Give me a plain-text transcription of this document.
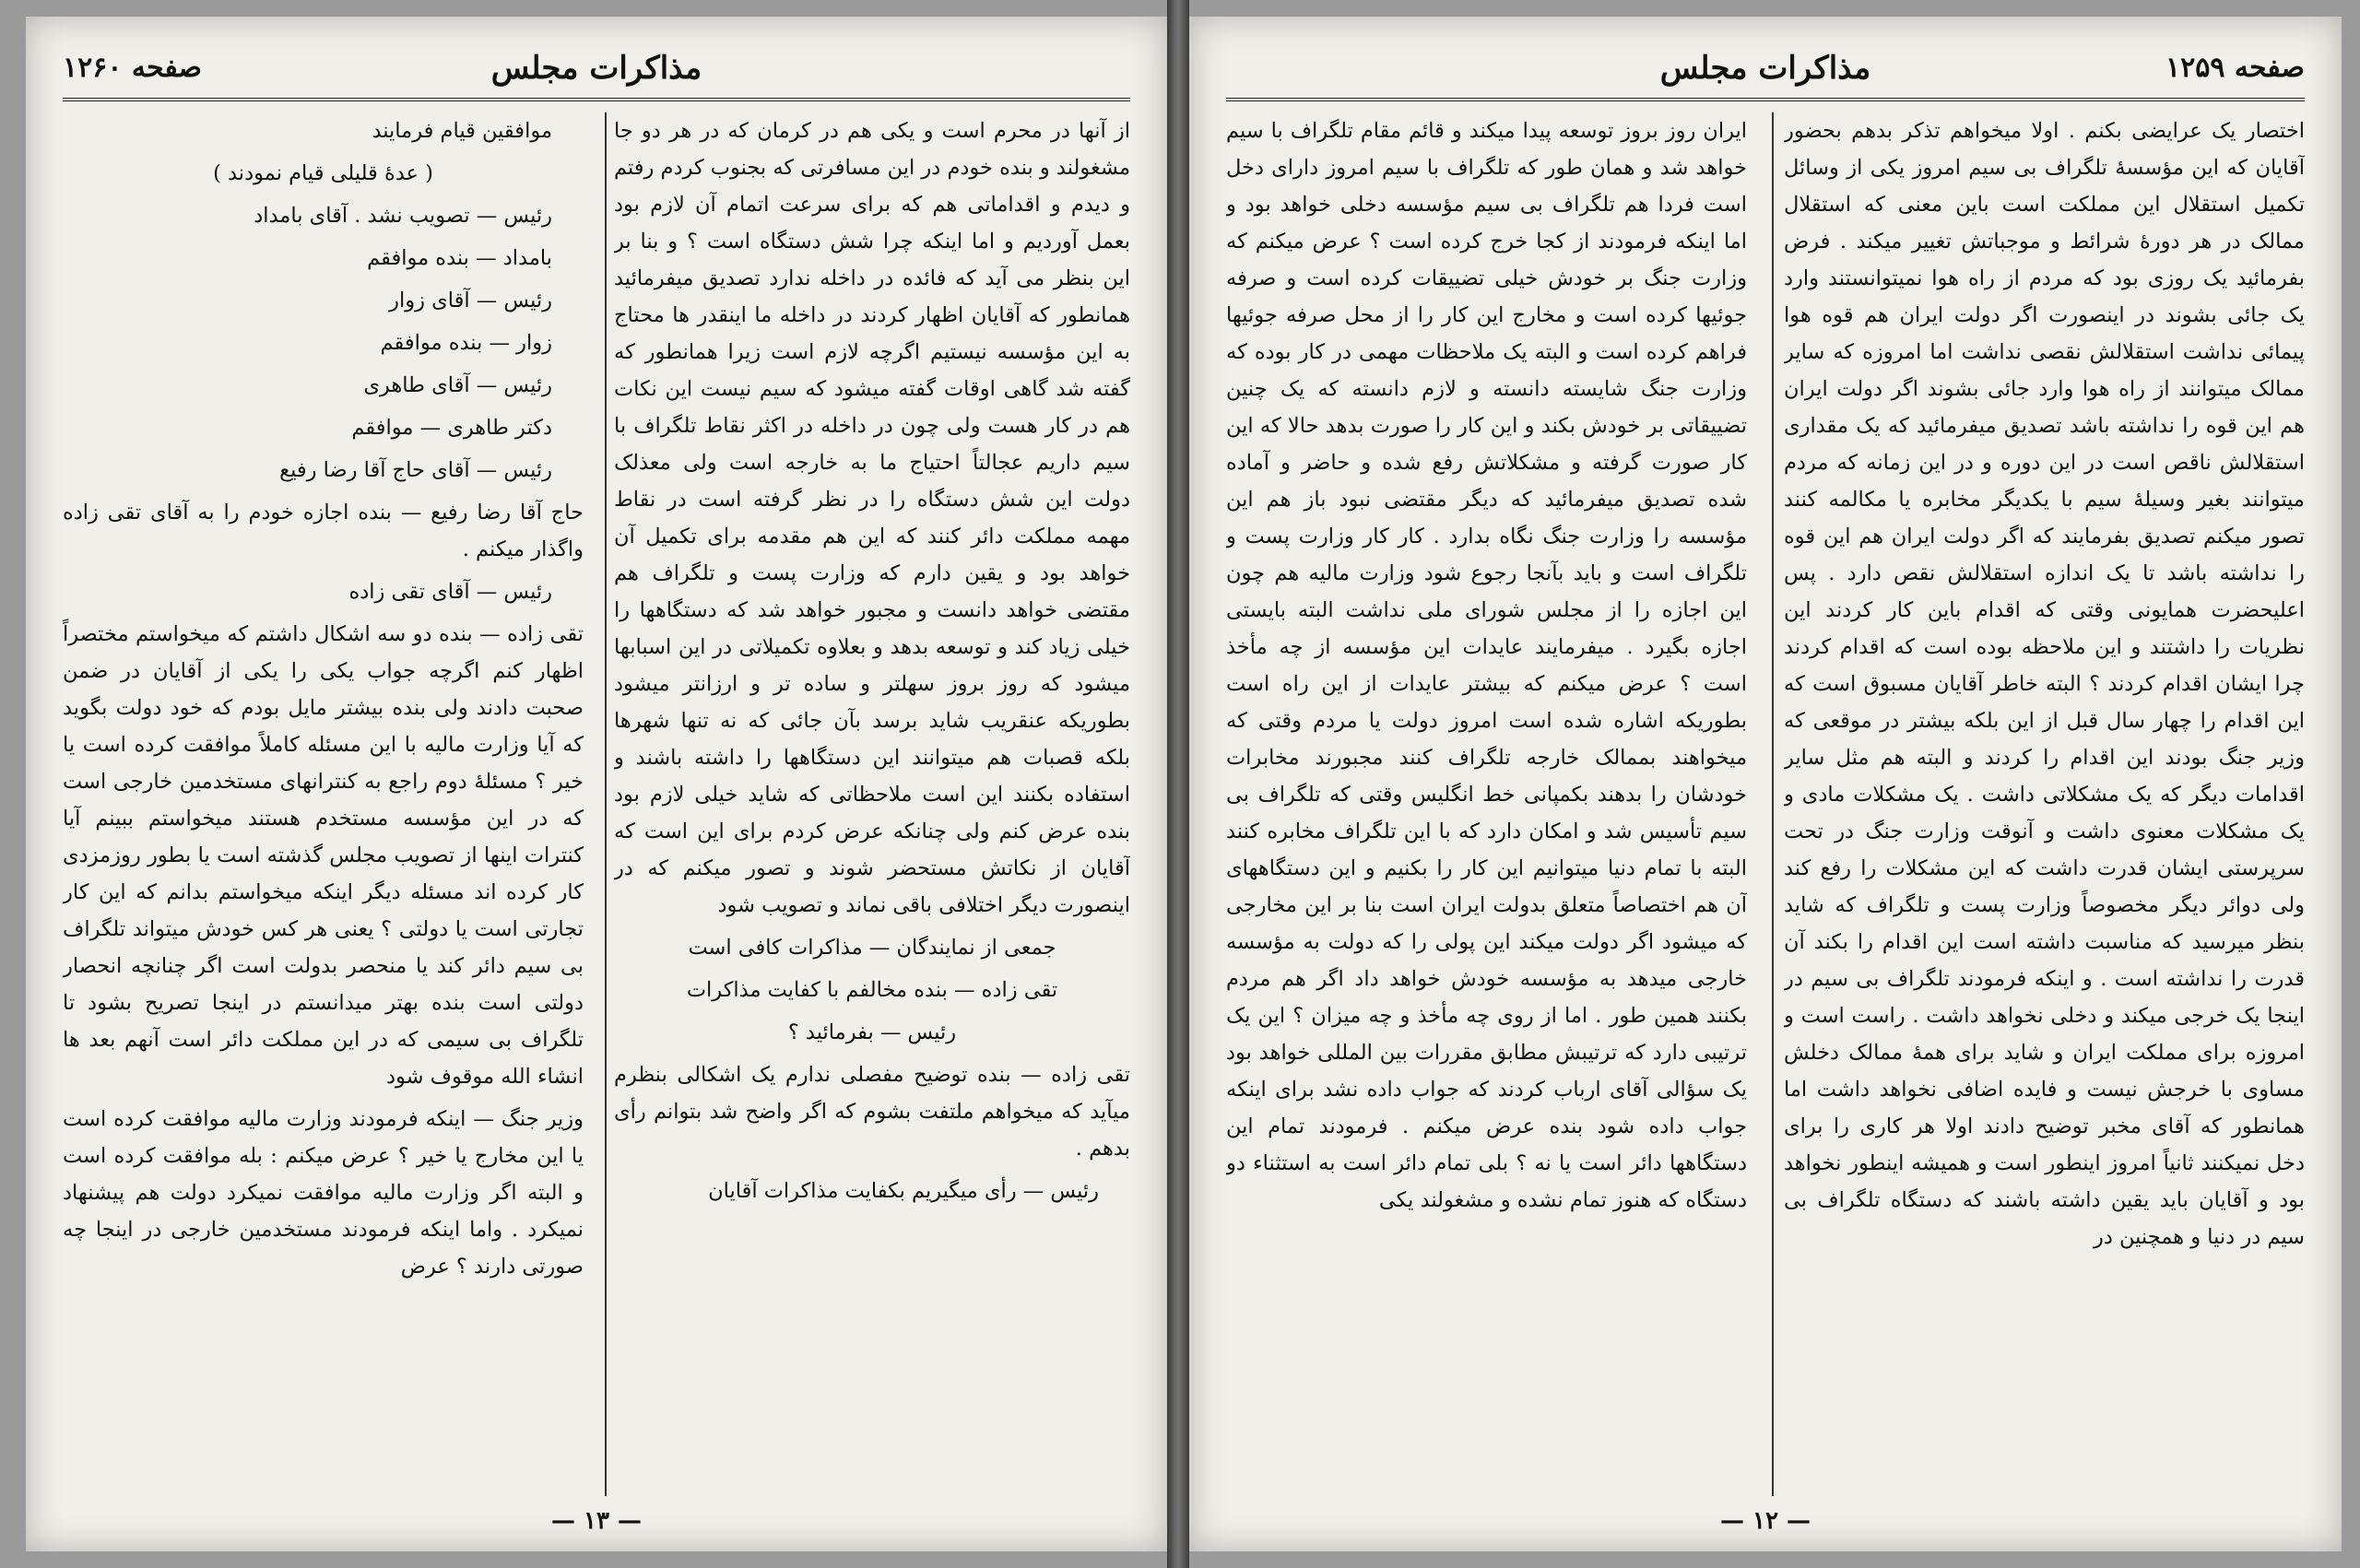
صفحه ۱۲۶۰	مذاکرات مجلس

از آنها در محرم است و یکی هم در کرمان که در هر دو جا مشغولند و بنده خودم در این مسافرتی که بجنوب کردم رفتم و دیدم و اقداماتی هم که برای سرعت اتمام آن لازم بود بعمل آوردیم و اما اینکه چرا شش دستگاه است ؟ و بنا بر این بنظر می آید که فائده در داخله ندارد تصدیق میفرمائید همانطور که آقایان اظهار کردند در داخله ما اینقدر ها محتاج به این مؤسسه نیستیم اگرچه لازم است زیرا همانطور که گفته شد گاهی اوقات گفته میشود که سیم نیست این نکات هم در کار هست ولی چون در داخله در اکثر نقاط تلگراف با سیم داریم عجالتاً احتیاج ما به خارجه است ولی معذلک دولت این شش دستگاه را در نظر گرفته است در نقاط مهمه مملکت دائر کنند که این هم مقدمه برای تکمیل آن خواهد بود و یقین دارم که وزارت پست و تلگراف هم مقتضی خواهد دانست و مجبور خواهد شد که دستگاهها را خیلی زیاد کند و توسعه بدهد و بعلاوه تکمیلاتی در این اسبابها میشود که روز بروز سهلتر و ساده تر و ارزانتر میشود بطوریکه عنقریب شاید برسد بآن جائی که نه تنها شهرها بلکه قصبات هم میتوانند این دستگاهها را داشته باشند و استفاده بکنند این است ملاحظاتی که شاید خیلی لازم بود بنده عرض کنم ولی چنانکه عرض کردم برای این است که آقایان از نکاتش مستحضر شوند و تصور میکنم که در اینصورت دیگر اختلافی باقی نماند و تصویب شود

جمعی از نمایندگان — مذاکرات کافی است

تقی زاده — بنده مخالفم با کفایت مذاکرات

رئیس — بفرمائید ؟

تقی زاده — بنده توضیح مفصلی ندارم یک اشکالی بنظرم میآید که میخواهم ملتفت بشوم که اگر واضح شد بتوانم رأی بدهم .

رئیس — رأی میگیریم بکفایت مذاکرات آقایان

موافقین قیام فرمایند

( عدۀ قلیلی قیام نمودند )

رئیس — تصویب نشد . آقای بامداد

بامداد — بنده موافقم

رئیس — آقای زوار

زوار — بنده موافقم

رئیس — آقای طاهری

دکتر طاهری — موافقم

رئیس — آقای حاج آقا رضا رفیع

حاج آقا رضا رفیع — بنده اجازه خودم را به آقای تقی زاده واگذار میکنم .

رئیس — آقای تقی زاده

تقی زاده — بنده دو سه اشکال داشتم که میخواستم مختصراً اظهار کنم اگرچه جواب یکی را یکی از آقایان در ضمن صحبت دادند ولی بنده بیشتر مایل بودم که خود دولت بگوید که آیا وزارت مالیه با این مسئله کاملاً موافقت کرده است یا خیر ؟ مسئلهٔ دوم راجع به کنترانهای مستخدمین خارجی است که در این مؤسسه مستخدم هستند میخواستم ببینم آیا کنترات اینها از تصویب مجلس گذشته است یا بطور روزمزدی کار کرده اند مسئله دیگر اینکه میخواستم بدانم که این کار تجارتی است یا دولتی ؟ یعنی هر کس خودش میتواند تلگراف بی سیم دائر کند یا منحصر بدولت است اگر چنانچه انحصار دولتی است بنده بهتر میدانستم در اینجا تصریح بشود تا تلگراف بی سیمی که در این مملکت دائر است آنهم بعد ها انشاء الله موقوف شود

وزیر جنگ — اینکه فرمودند وزارت مالیه موافقت کرده است یا این مخارج یا خیر ؟ عرض میکنم : بله موافقت کرده است و البته اگر وزارت مالیه موافقت نمیکرد دولت هم پیشنهاد نمیکرد . واما اینکه فرمودند مستخدمین خارجی در اینجا چه صورتی دارند ؟ عرض

— ۱۳ —
صفحه ۱۲۵۹
مذاکرات مجلس

اختصار یک عرایضی بکنم . اولا میخواهم تذکر بدهم بحضور آقایان که این مؤسسهٔ تلگراف بی سیم امروز یکی از وسائل تکمیل استقلال این مملکت است باین معنی که استقلال ممالک در هر دورهٔ شرائط و موجباتش تغییر میکند . فرض بفرمائید یک روزی بود که مردم از راه هوا نمیتوانستند وارد یک جائی بشوند در اینصورت اگر دولت ایران هم قوه هوا پیمائی نداشت استقلالش نقصی نداشت اما امروزه که سایر ممالک میتوانند از راه هوا وارد جائی بشوند اگر دولت ایران هم این قوه را نداشته باشد تصدیق میفرمائید که یک مقداری استقلالش ناقص است در این دوره و در این زمانه که مردم میتوانند بغیر وسیلهٔ سیم با یکدیگر مخابره یا مکالمه کنند تصور میکنم تصدیق بفرمایند که اگر دولت ایران هم این قوه را نداشته باشد تا یک اندازه استقلالش نقص دارد . پس اعلیحضرت همایونی وقتی که اقدام باین کار کردند این نظریات را داشتند و این ملاحظه بوده است که اقدام کردند چرا ایشان اقدام کردند ؟ البته خاطر آقایان مسبوق است که این اقدام را چهار سال قبل از این بلکه بیشتر در موقعی که وزیر جنگ بودند این اقدام را کردند و البته هم مثل سایر اقدامات دیگر که یک مشکلاتی داشت . یک مشکلات مادی و یک مشکلات معنوی داشت و آنوقت وزارت جنگ در تحت سرپرستی ایشان قدرت داشت که این مشکلات را رفع کند ولی دوائر دیگر مخصوصاً وزارت پست و تلگراف که شاید بنظر میرسید که مناسبت داشته است این اقدام را بکند آن قدرت را نداشته است . و اینکه فرمودند تلگراف بی سیم در اینجا یک خرجی میکند و دخلی نخواهد داشت . راست است و امروزه برای مملکت ایران و شاید برای همهٔ ممالک دخلش مساوی با خرجش نیست و فایده اضافی نخواهد داشت اما همانطور که آقای مخبر توضیح دادند اولا هر کاری را برای دخل نمیکنند ثانیاً امروز اینطور است و همیشه اینطور نخواهد بود و آقایان باید یقین داشته باشند که دستگاه تلگراف بی سیم در دنیا و همچنین در

ایران روز بروز توسعه پیدا میکند و قائم مقام تلگراف با سیم خواهد شد و همان طور که تلگراف با سیم امروز دارای دخل است فردا هم تلگراف بی سیم مؤسسه دخلی خواهد بود و اما اینکه فرمودند از کجا خرج کرده است ؟ عرض میکنم که وزارت جنگ بر خودش خیلی تضییقات کرده است و صرفه جوئیها کرده است و مخارج این کار را از محل صرفه جوئیها فراهم کرده است و البته یک ملاحظات مهمی در کار بوده که وزارت جنگ شایسته دانسته و لازم دانسته که یک چنین تضییقاتی بر خودش بکند و این کار را صورت بدهد حالا که این کار صورت گرفته و مشکلاتش رفع شده و حاضر و آماده شده تصدیق میفرمائید که دیگر مقتضی نبود باز هم این مؤسسه را وزارت جنگ نگاه بدارد . کار کار وزارت پست و تلگراف است و باید بآنجا رجوع شود وزارت مالیه هم چون این اجازه را از مجلس شورای ملی نداشت البته بایستی اجازه بگیرد . میفرمایند عایدات این مؤسسه از چه مأخذ است ؟ عرض میکنم که بیشتر عایدات از این راه است بطوریکه اشاره شده است امروز دولت یا مردم وقتی که میخواهند بممالک خارجه تلگراف کنند مجبورند مخابرات خودشان را بدهند بکمپانی خط انگلیس وقتی که تلگراف بی سیم تأسیس شد و امکان دارد که با این تلگراف مخابره کنند البته با تمام دنیا میتوانیم این کار را بکنیم و این دستگاههای آن هم اختصاصاً متعلق بدولت ایران است بنا بر این مخارجی که میشود اگر دولت میکند این پولی را که دولت به مؤسسه خارجی میدهد به مؤسسه خودش خواهد داد اگر هم مردم بکنند همین طور . اما از روی چه مأخذ و چه میزان ؟ این یک ترتیبی دارد که ترتیبش مطابق مقررات بین المللی خواهد بود یک سؤالی آقای ارباب کردند که جواب داده نشد برای اینکه جواب داده شود بنده عرض میکنم . فرمودند تمام این دستگاهها دائر است یا نه ؟ بلی تمام دائر است به استثناء دو دستگاه که هنوز تمام نشده و مشغولند یکی

— ۱۲ —
